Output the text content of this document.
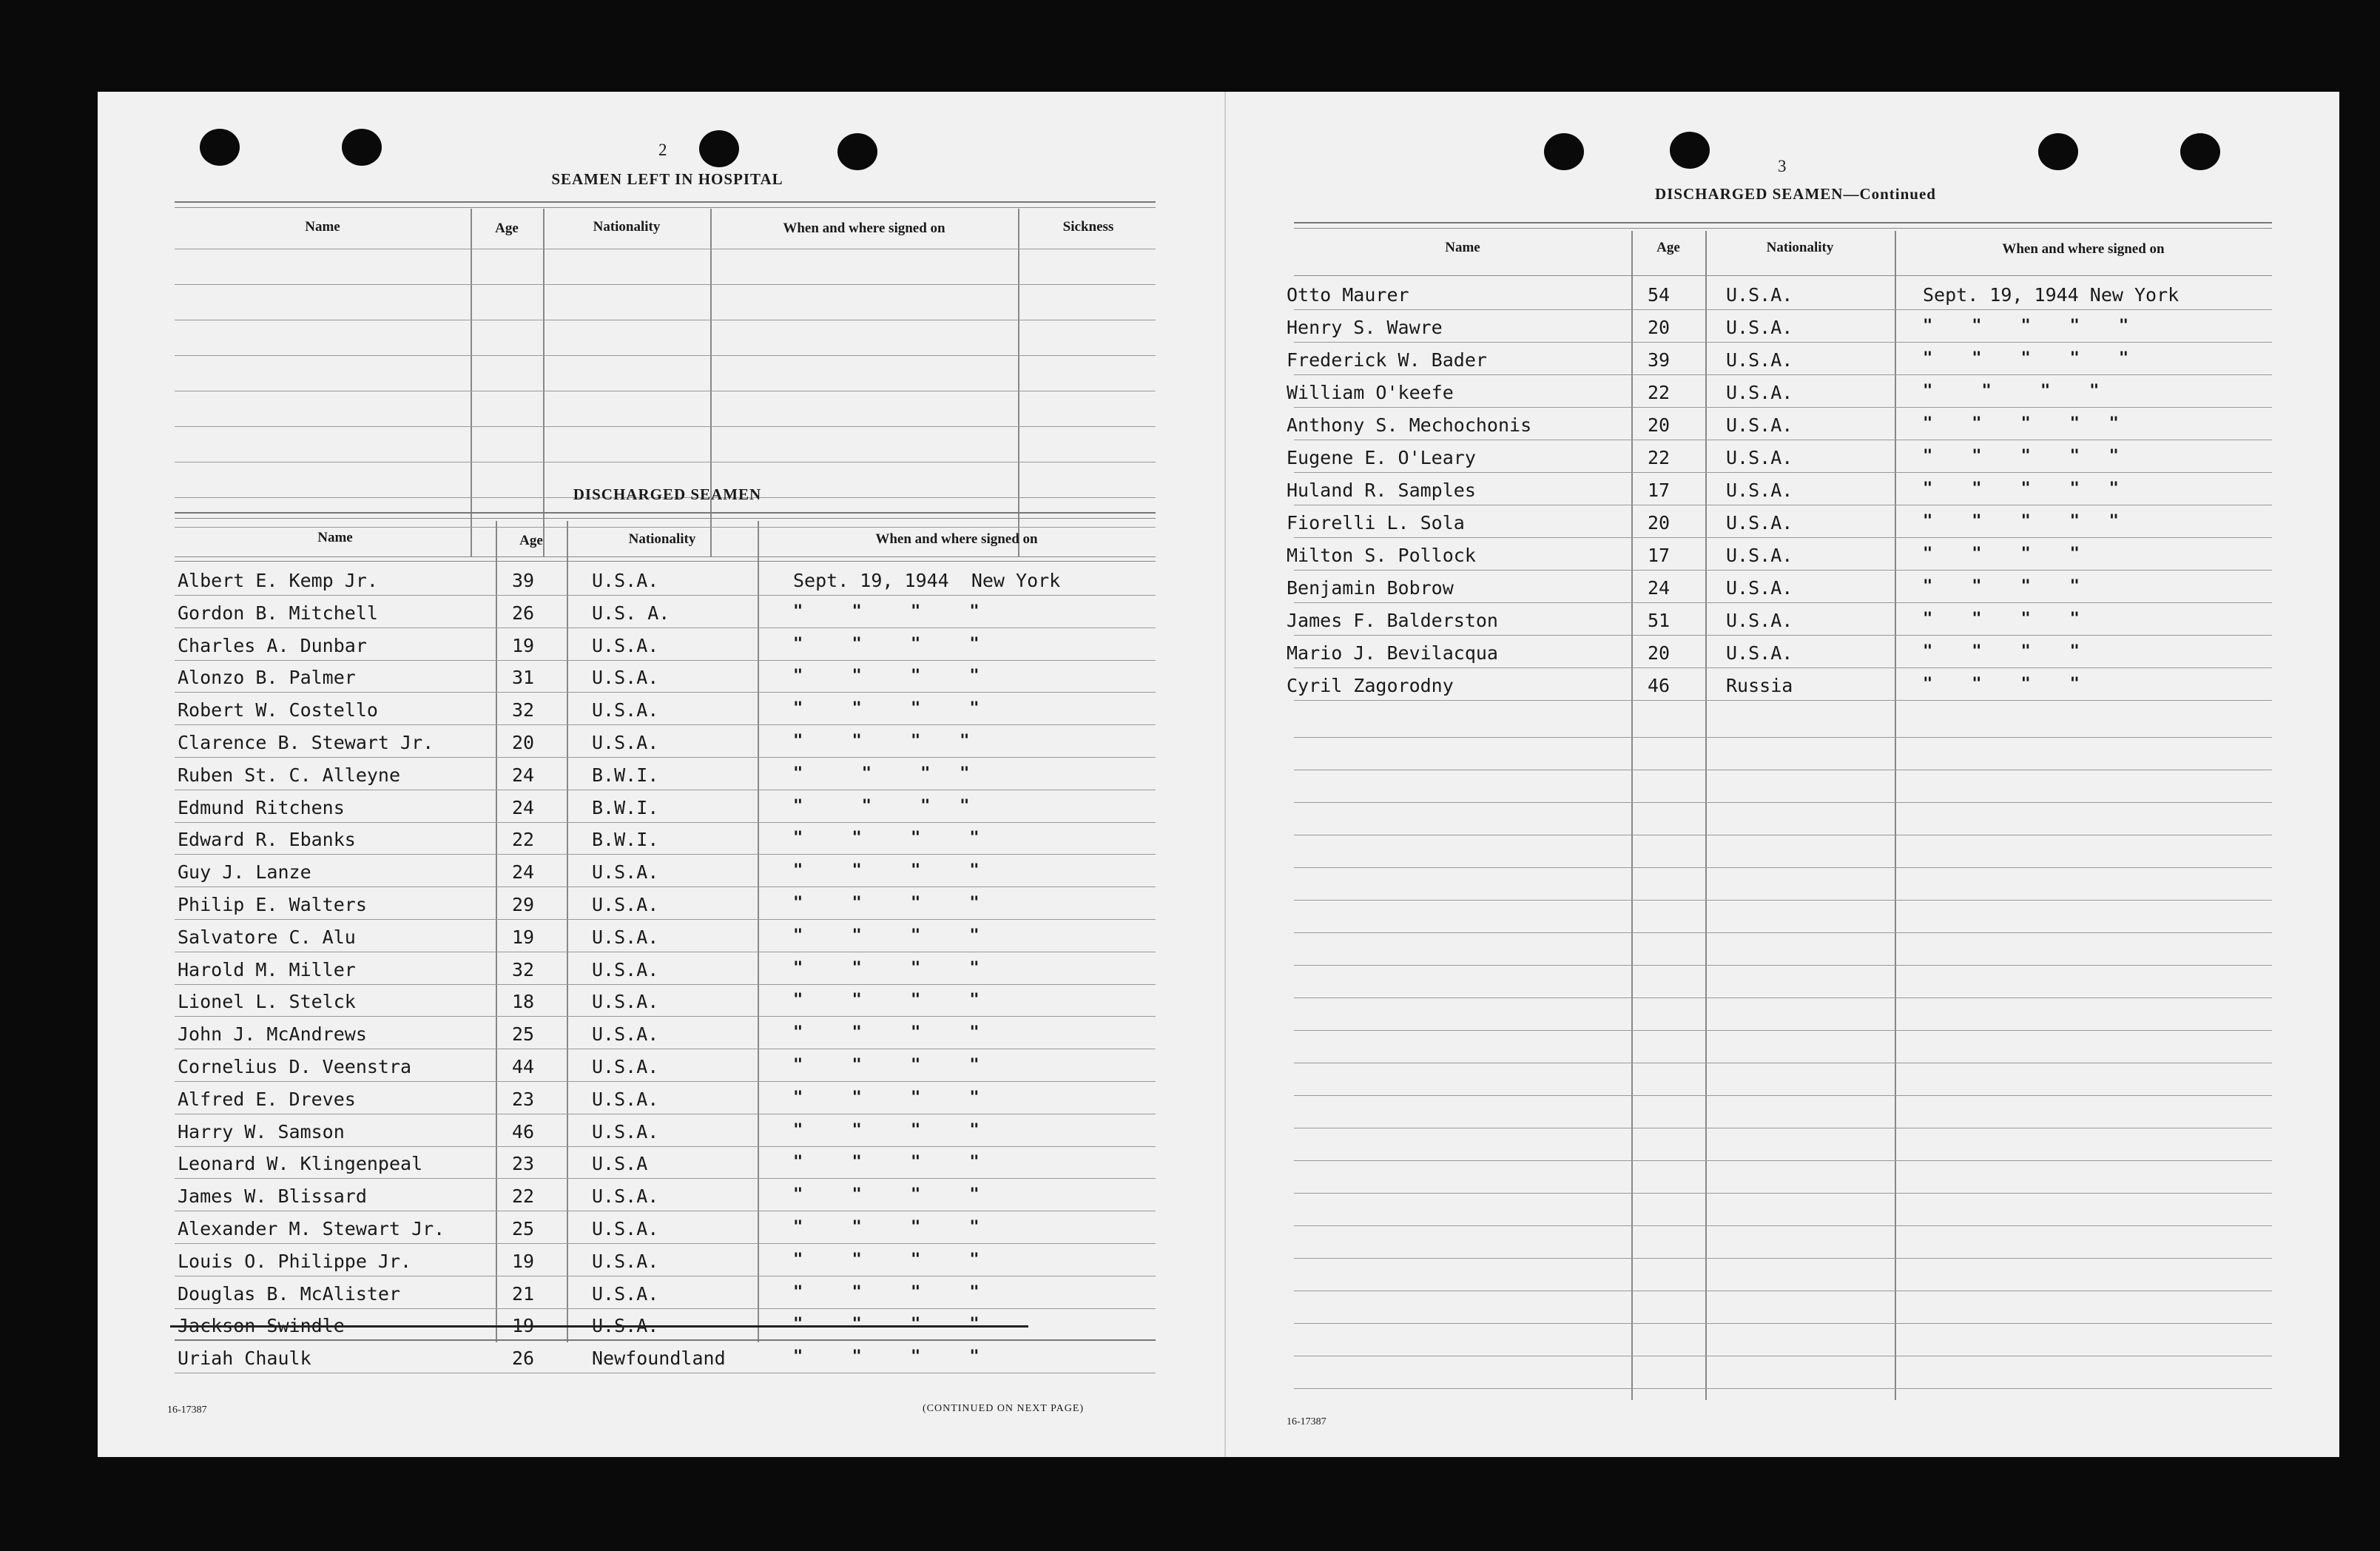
2
SEAMEN LEFT IN HOSPITAL
Name	Age	Nationality	When and where signed on	Sickness
DISCHARGED SEAMEN
Name	Age	Nationality	When and where signed on
Albert E. Kemp Jr.	39	U.S.A.	Sept. 19, 1944  New York
Gordon B. Mitchell	26	U.S. A.	"     "     "     "
Charles A. Dunbar	19	U.S.A.	"     "     "     "
Alonzo B. Palmer	31	U.S.A.	"     "     "     "
Robert W. Costello	32	U.S.A.	"     "     "     "
Clarence B. Stewart Jr.	20	U.S.A.	"     "     "    "
Ruben St. C. Alleyne	24	B.W.I.	"      "     "   "
Edmund Ritchens	24	B.W.I.	"      "     "   "
Edward R. Ebanks	22	B.W.I.	"     "     "     "
Guy J. Lanze	24	U.S.A.	"     "     "     "
Philip E. Walters	29	U.S.A.	"     "     "     "
Salvatore C. Alu	19	U.S.A.	"     "     "     "
Harold M. Miller	32	U.S.A.	"     "     "     "
Lionel L. Stelck	18	U.S.A.	"     "     "     "
John J. McAndrews	25	U.S.A.	"     "     "     "
Cornelius D. Veenstra	44	U.S.A.	"     "     "     "
Alfred E. Dreves	23	U.S.A.	"     "     "     "
Harry W. Samson	46	U.S.A.	"     "     "     "
Leonard W. Klingenpeal	23	U.S.A	"     "     "     "
James W. Blissard	22	U.S.A.	"     "     "     "
Alexander M. Stewart Jr.	25	U.S.A.	"     "     "     "
Louis O. Philippe Jr.	19	U.S.A.	"     "     "     "
Douglas B. McAlister	21	U.S.A.	"     "     "     "
Jackson Swindle	19	U.S.A.	"     "     "     "
Uriah Chaulk	26	Newfoundland	"     "     "     "
16-17387	(CONTINUED ON NEXT PAGE)
3
DISCHARGED SEAMEN—Continued
Name	Age	Nationality	When and where signed on
Otto Maurer	54	U.S.A.	Sept. 19, 1944 New York
Henry S. Wawre	20	U.S.A.	"    "    "    "    "
Frederick W. Bader	39	U.S.A.	"    "    "    "    "
William O'keefe	22	U.S.A.	"     "     "    "
Anthony S. Mechochonis	20	U.S.A.	"    "    "    "   "
Eugene E. O'Leary	22	U.S.A.	"    "    "    "   "
Huland R. Samples	17	U.S.A.	"    "    "    "   "
Fiorelli L. Sola	20	U.S.A.	"    "    "    "   "
Milton S. Pollock	17	U.S.A.	"    "    "    "
Benjamin Bobrow	24	U.S.A.	"    "    "    "
James F. Balderston	51	U.S.A.	"    "    "    "
Mario J. Bevilacqua	20	U.S.A.	"    "    "    "
Cyril Zagorodny	46	Russia	"    "    "    "
16-17387
